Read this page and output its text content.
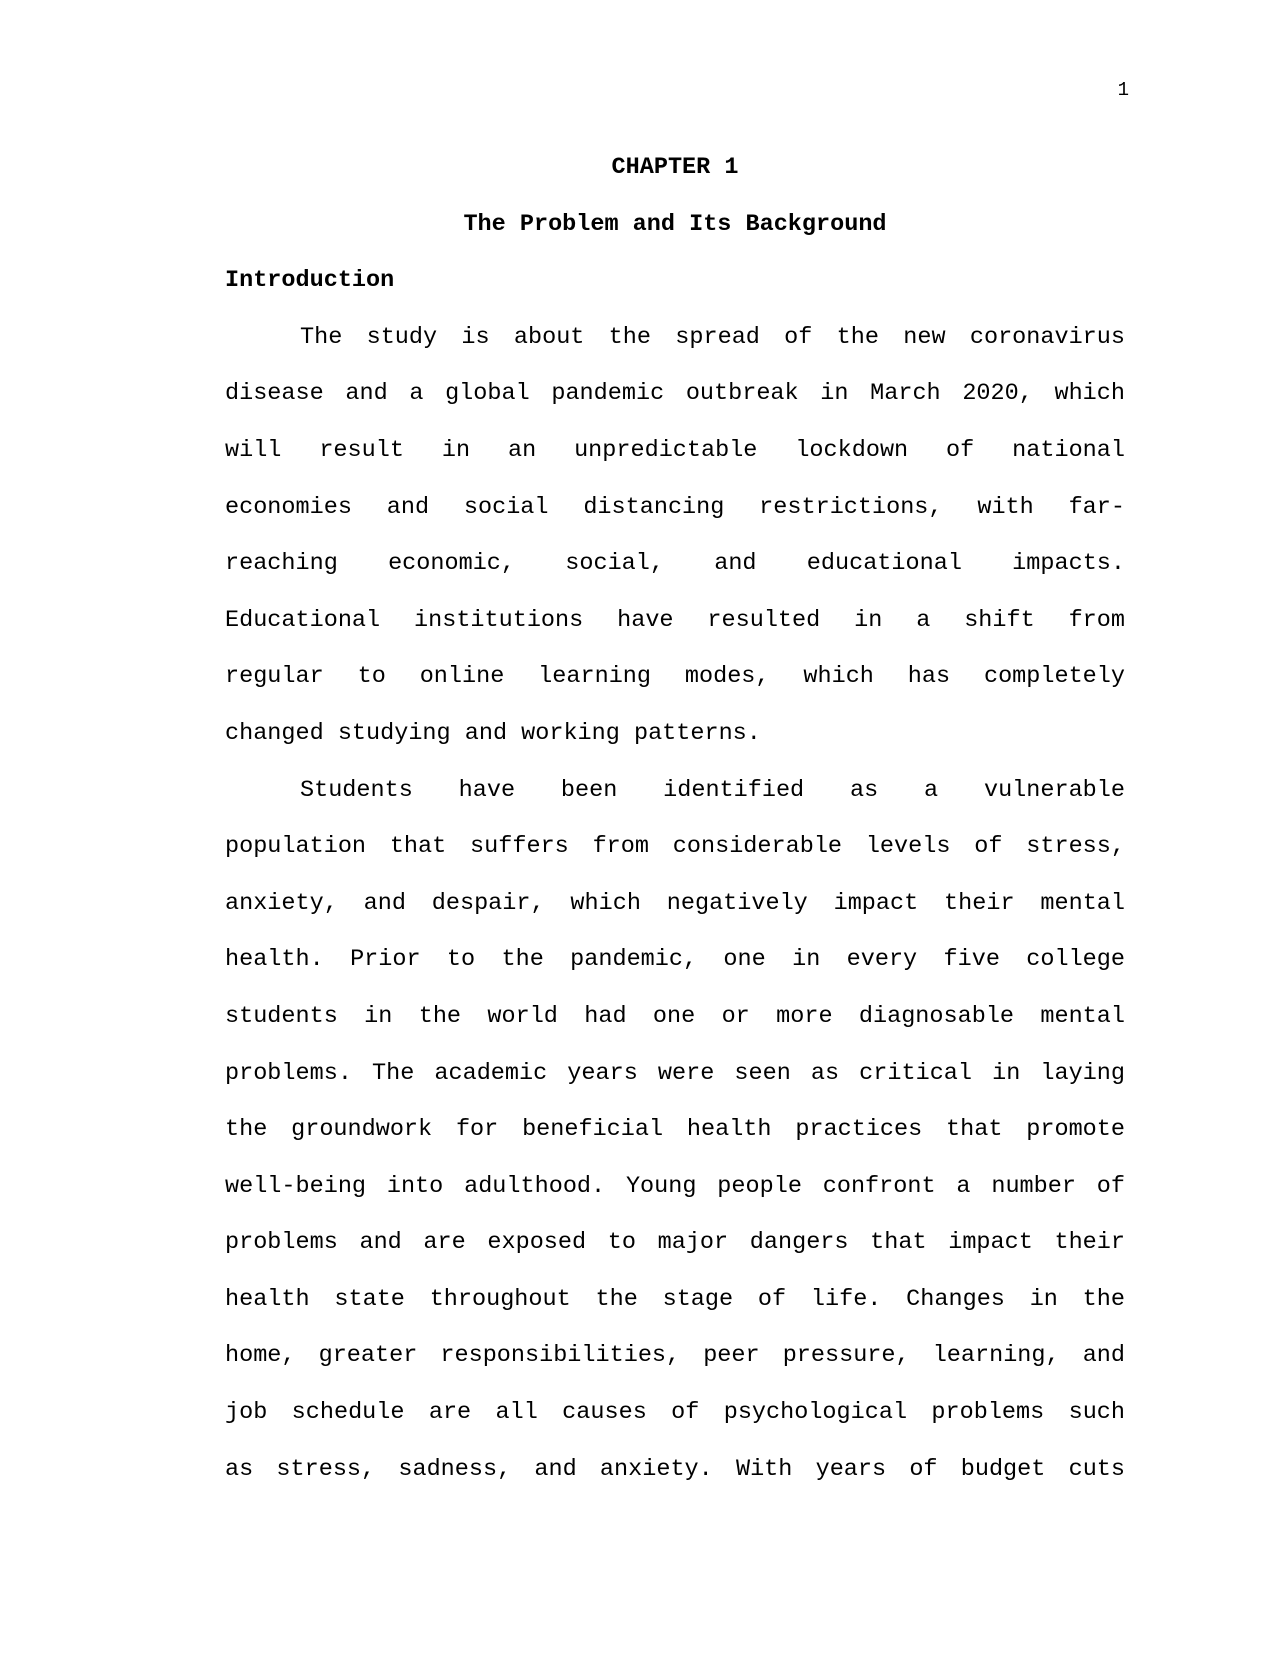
1
CHAPTER 1
The Problem and Its Background
Introduction
The study is about the spread of the new coronavirus
disease and a global pandemic outbreak in March 2020, which
will result in an unpredictable lockdown of national
economies and social distancing restrictions, with far-
reaching economic, social, and educational impacts.
Educational institutions have resulted in a shift from
regular to online learning modes, which has completely
changed studying and working patterns.
Students have been identified as a vulnerable
population that suffers from considerable levels of stress,
anxiety, and despair, which negatively impact their mental
health. Prior to the pandemic, one in every five college
students in the world had one or more diagnosable mental
problems. The academic years were seen as critical in laying
the groundwork for beneficial health practices that promote
well-being into adulthood. Young people confront a number of
problems and are exposed to major dangers that impact their
health state throughout the stage of life. Changes in the
home, greater responsibilities, peer pressure, learning, and
job schedule are all causes of psychological problems such
as stress, sadness, and anxiety. With years of budget cuts
